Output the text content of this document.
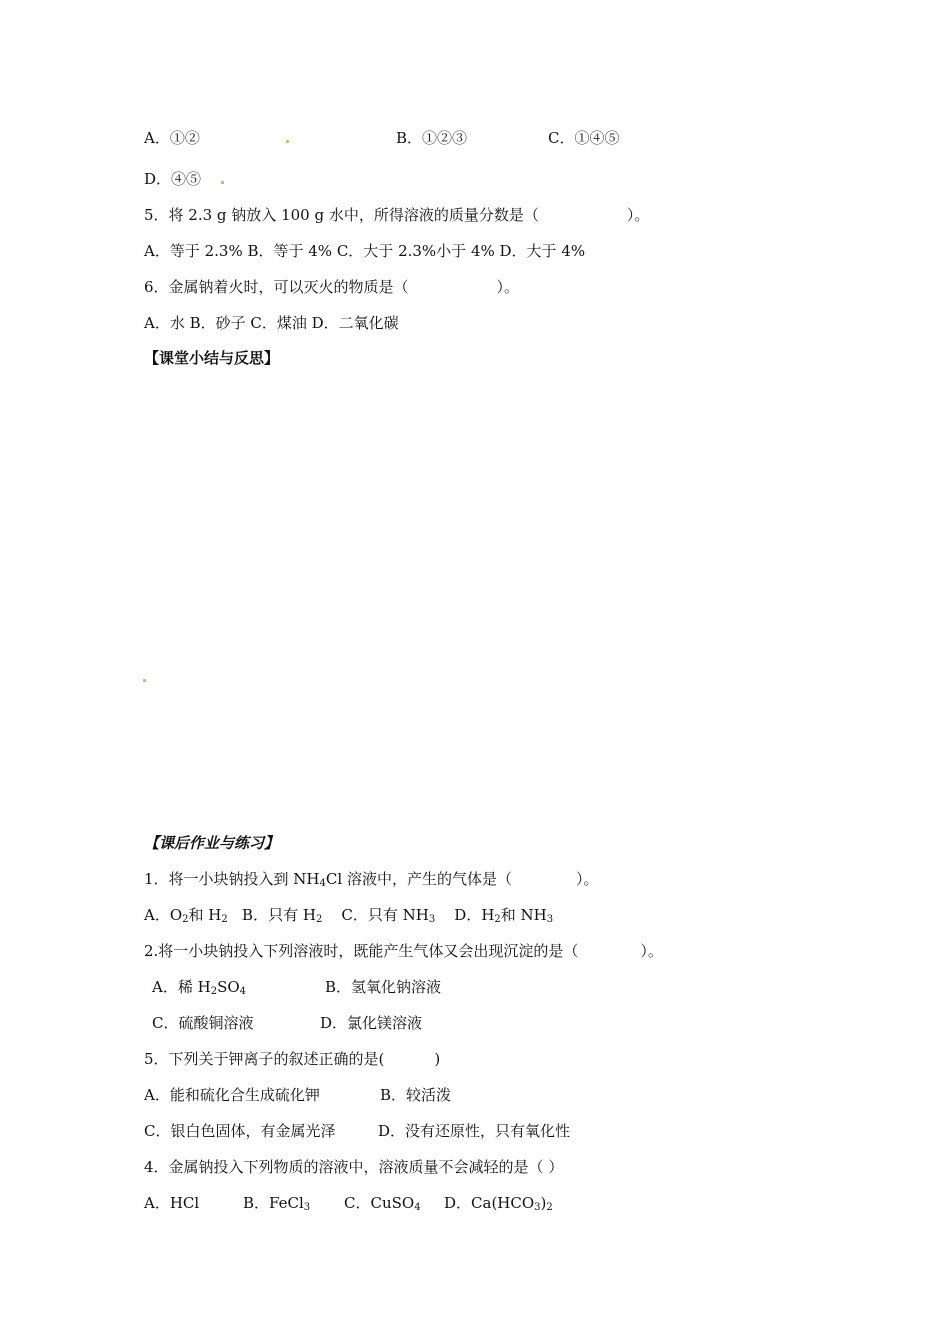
A．①②	B．①②③	C．①④⑤
D．④⑤
5．将 2.3 g 钠放入 100 g 水中，所得溶液的质量分数是（	）。
A．等于 2.3% B．等于 4% C．大于 2.3%小于 4% D．大于 4%
6．金属钠着火时，可以灭火的物质是（	）。
A．水 B．砂子 C．煤油 D．二氧化碳
【课堂小结与反思】
【课后作业与练习】
1．将一小块钠投入到 $NH_4Cl$ 溶液中，产生的气体是（	）。
A．$O_2$和 $H_2$   B．只有 $H_2$    C．只有 $NH_3$    D．$H_2$和 $NH_3$
2.将一小块钠投入下列溶液时，既能产生气体又会出现沉淀的是（	）。
A．稀 $H_2SO_4$	B．氢氧化钠溶液
C．硫酸铜溶液	D．氯化镁溶液
5．下列关于钾离子的叙述正确的是(	)
A．能和硫化合生成硫化钾	B．较活泼
C．银白色固体，有金属光泽	D．没有还原性，只有氧化性
4．金属钠投入下列物质的溶液中，溶液质量不会减轻的是（ ）
A．HCl	B．FeCl$_3$ C．CuSO$_4$ D．$Ca(HCO_3)_2$
